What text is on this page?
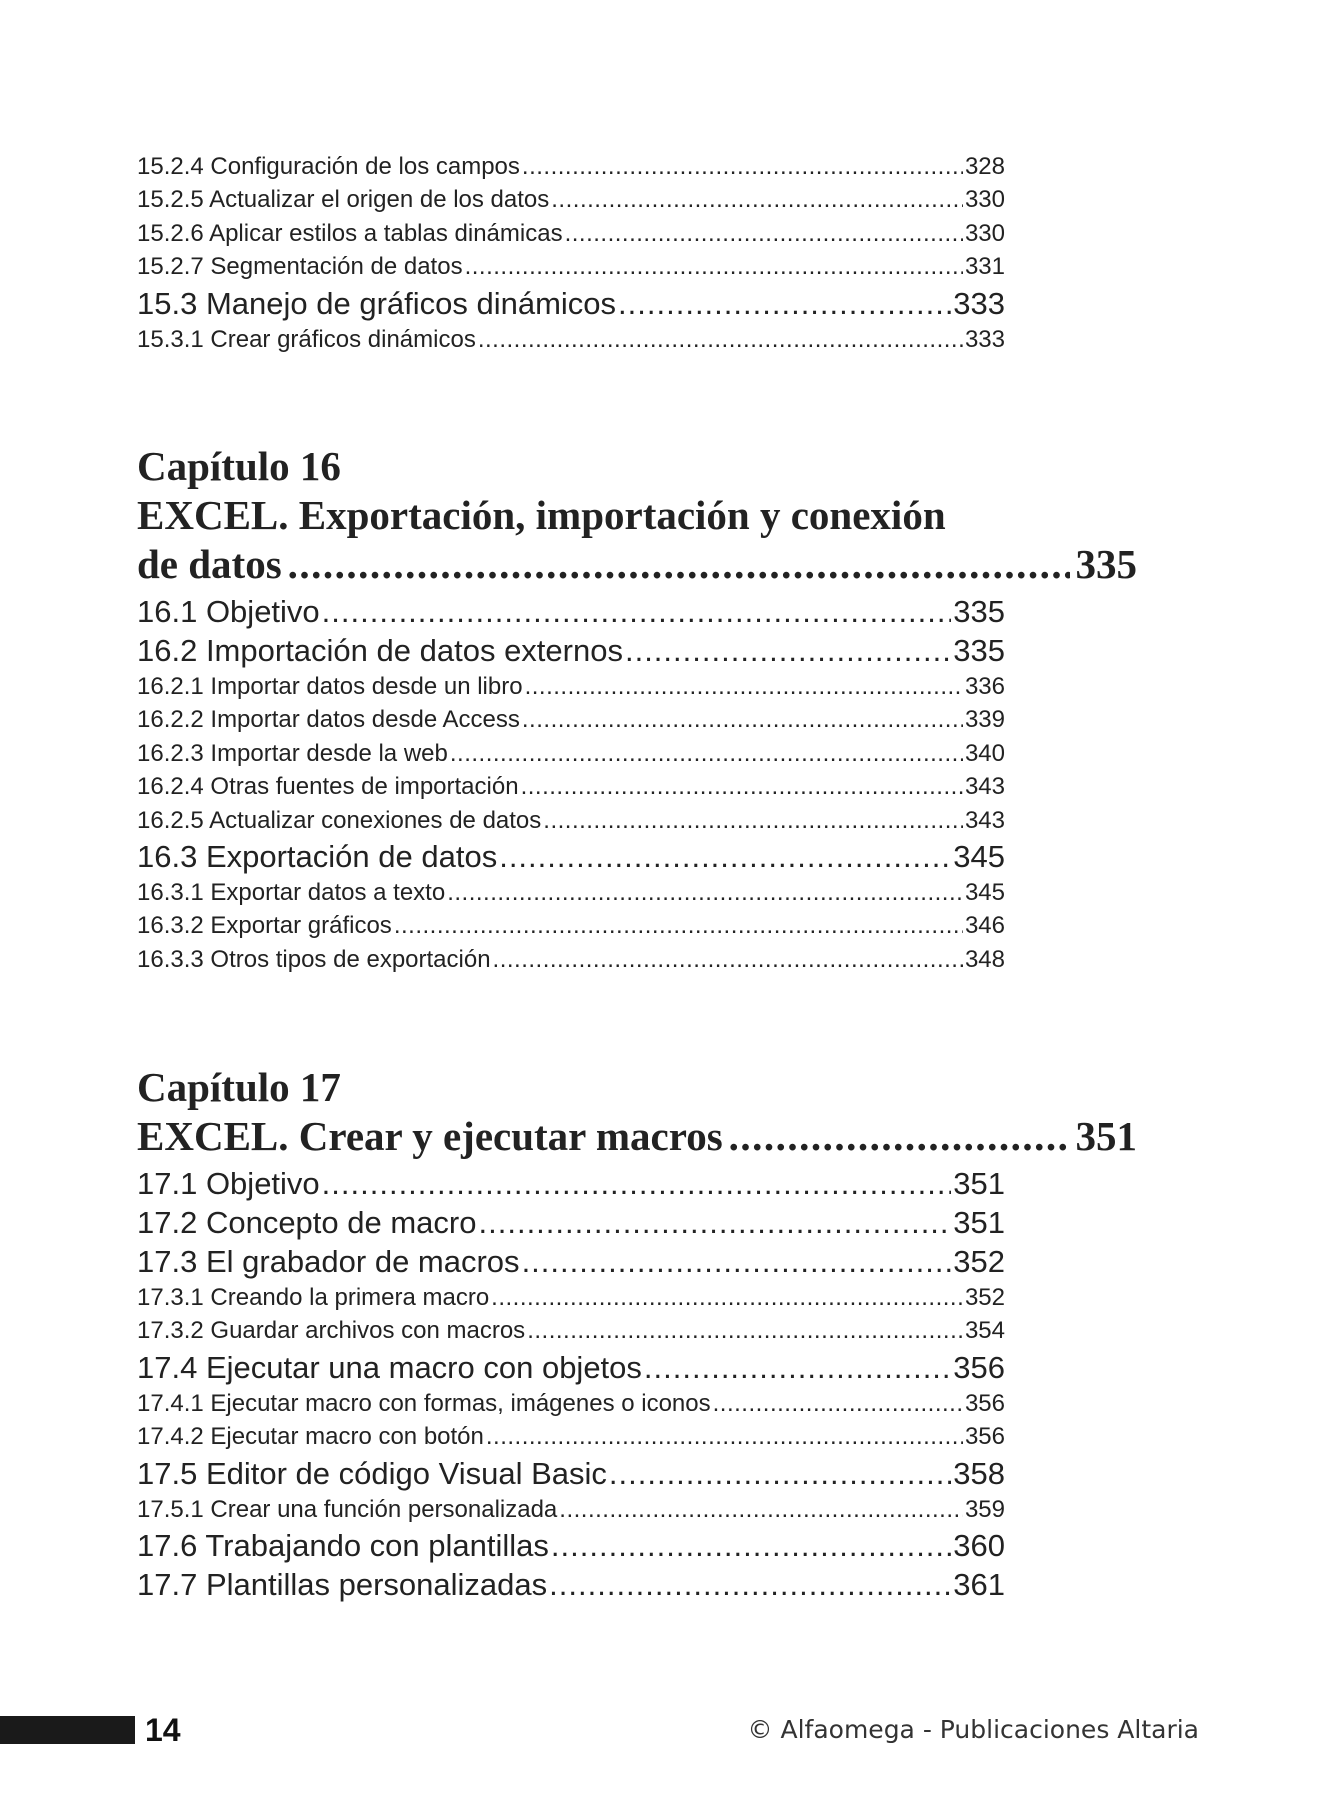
15.2.4 Configuración de los campos .....	328
15.2.5 Actualizar el origen de los datos .....	330
15.2.6 Aplicar estilos a tablas dinámicas .....	330
15.2.7 Segmentación de datos .....	331
15.3 Manejo de gráficos dinámicos .....	333
15.3.1 Crear gráficos dinámicos .....	333
Capítulo 16
EXCEL. Exportación, importación y conexión
de datos .....	335
16.1 Objetivo .....	335
16.2 Importación de datos externos .....	335
16.2.1 Importar datos desde un libro .....	336
16.2.2 Importar datos desde Access .....	339
16.2.3 Importar desde la web .....	340
16.2.4 Otras fuentes de importación .....	343
16.2.5 Actualizar conexiones de datos .....	343
16.3 Exportación de datos .....	345
16.3.1 Exportar datos a texto .....	345
16.3.2 Exportar gráficos .....	346
16.3.3 Otros tipos de exportación .....	348
Capítulo 17
EXCEL. Crear y ejecutar macros .....	351
17.1 Objetivo .....	351
17.2 Concepto de macro .....	351
17.3 El grabador de macros .....	352
17.3.1 Creando la primera macro .....	352
17.3.2 Guardar archivos con macros .....	354
17.4 Ejecutar una macro con objetos .....	356
17.4.1 Ejecutar macro con formas, imágenes o iconos .....	356
17.4.2 Ejecutar macro con botón .....	356
17.5 Editor de código Visual Basic .....	358
17.5.1 Crear una función personalizada .....	359
17.6 Trabajando con plantillas .....	360
17.7 Plantillas personalizadas .....	361
14	© Alfaomega - Publicaciones Altaria
